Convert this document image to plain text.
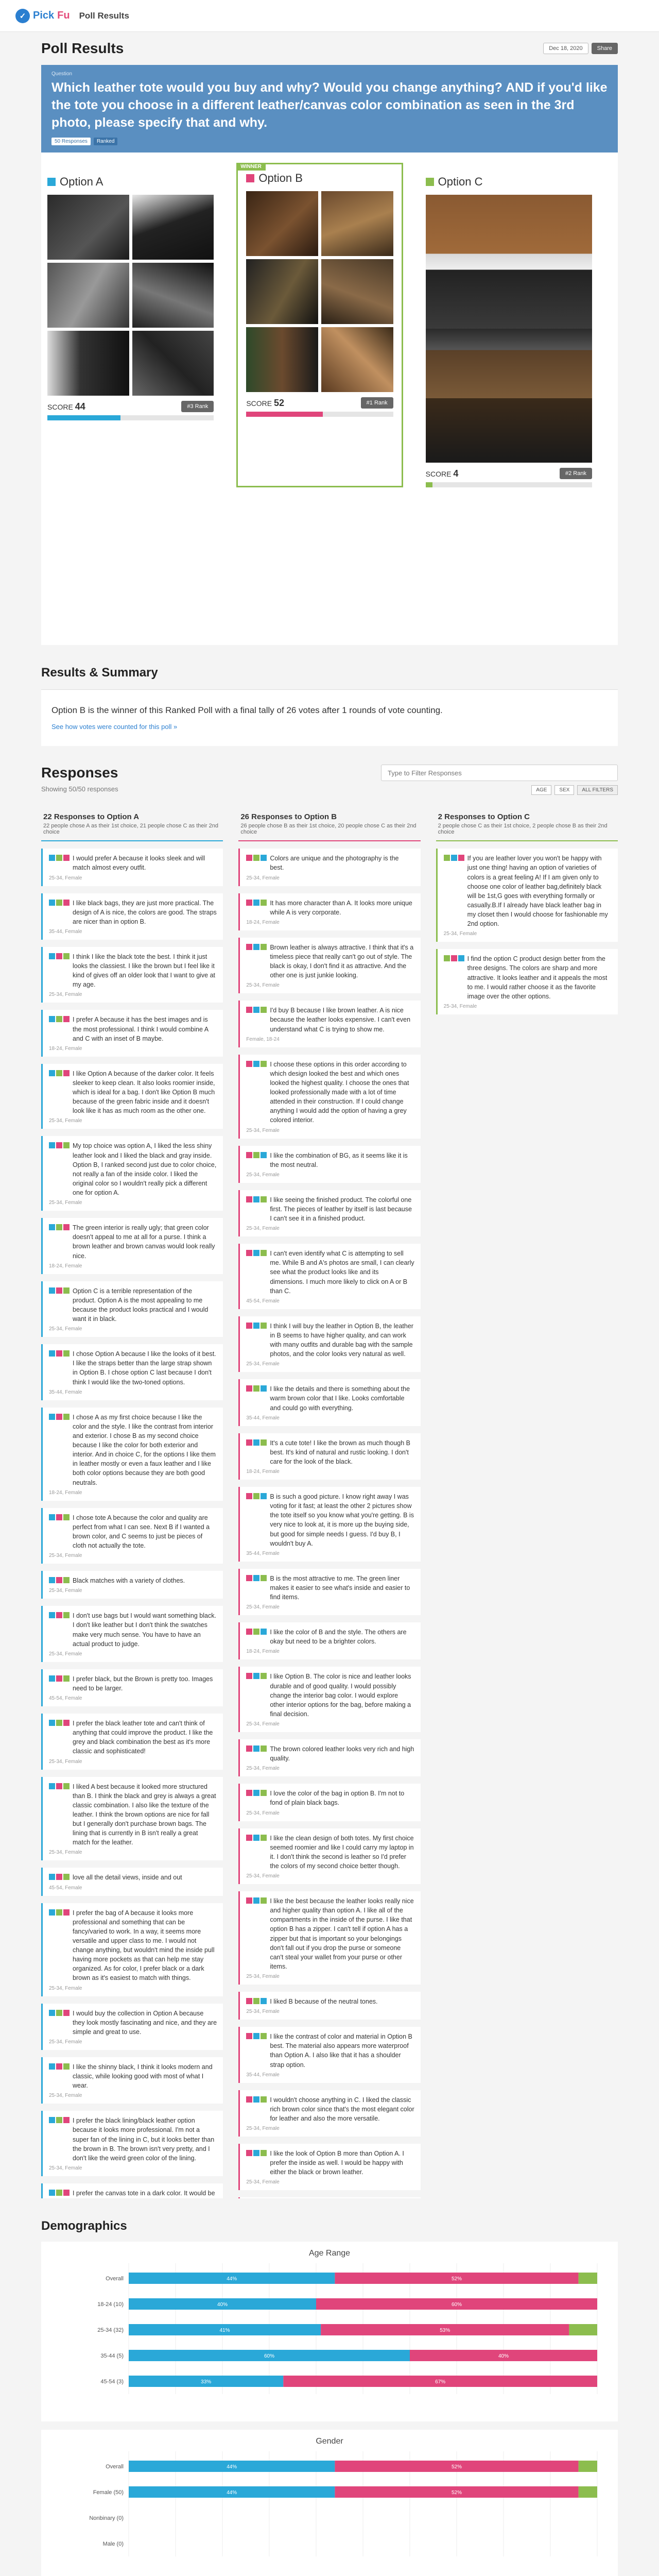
✓ Pick Fu Poll Results
Poll Results	Dec 18, 2020	Share
Question
Which leather tote would you buy and why? Would you change anything? AND if you'd like the tote you choose in a different leather/canvas color combination as seen in the 3rd photo, please specify that and why.
50 Responses	Ranked
Option A
SCORE 44	#3 Rank
WINNER
Option B
SCORE 52	#1 Rank
Option C
SCORE 4	#2 Rank
Results & Summary

Option B is the winner of this Ranked Poll with a final tally of 26 votes after 1 rounds of vote counting.

See how votes were counted for this poll »
Responses
Showing 50/50 responses
Type to Filter Responses	AGE	SEX	ALL FILTERS
22 Responses to Option A
22 people chose A as their 1st choice, 21 people chose C as their 2nd choice
I would prefer A because it looks sleek and will match almost every outfit.
25-34, Female
I like black bags, they are just more practical. The design of A is nice, the colors are good. The straps are nicer than in option B.
35-44, Female
I think I like the black tote the best. I think it just looks the classiest. I like the brown but I feel like it kind of gives off an older look that I want to give at my age.
25-34, Female
I prefer A because it has the best images and is the most professional. I think I would combine A and C with an inset of B maybe.
18-24, Female
I like Option A because of the darker color. It feels sleeker to keep clean. It also looks roomier inside, which is ideal for a bag. I don't like Option B much because of the green fabric inside and it doesn't look like it has as much room as the other one.
25-34, Female
My top choice was option A, I liked the less shiny leather look and I liked the black and gray inside. Option B, I ranked second just due to color choice, not really a fan of the inside color. I liked the original color so I wouldn't really pick a different one for option A.
25-34, Female
The green interior is really ugly; that green color doesn't appeal to me at all for a purse. I think a brown leather and brown canvas would look really nice.
18-24, Female
Option C is a terrible representation of the product. Option A is the most appealing to me because the product looks practical and I would want it in black.
25-34, Female
I chose Option A because I like the looks of it best. I like the straps better than the large strap shown in Option B. I chose option C last because I don't think I would like the two-toned options.
35-44, Female
I chose A as my first choice because I like the color and the style. I like the contrast from interior and exterior. I chose B as my second choice because I like the color for both exterior and interior. And in choice C, for the options I like them in leather mostly or even a faux leather and I like both color options because they are both good neutrals.
18-24, Female
I chose tote A because the color and quality are perfect from what I can see. Next B if I wanted a brown color, and C seems to just be pieces of cloth not actually the tote.
25-34, Female
Black matches with a variety of clothes.
25-34, Female
I don't use bags but I would want something black. I don't like leather but I don't think the swatches make very much sense. You have to have an actual product to judge.
25-34, Female
I prefer black, but the Brown is pretty too. Images need to be larger.
45-54, Female
I prefer the black leather tote and can't think of anything that could improve the product. I like the grey and black combination the best as it's more classic and sophisticated!
25-34, Female
I liked A best because it looked more structured than B. I think the black and grey is always a great classic combination. I also like the texture of the leather. I think the brown options are nice for fall but I generally don't purchase brown bags. The lining that is currently in B isn't really a great match for the leather.
25-34, Female
love all the detail views, inside and out
45-54, Female
I prefer the bag of A because it looks more professional and something that can be fancy/varied to work. In a way, it seems more versatile and upper class to me. I would not change anything, but wouldn't mind the inside pull having more pockets as that can help me stay organized. As for color, I prefer black or a dark brown as it's easiest to match with things.
25-34, Female
I would buy the collection in Option A because they look mostly fascinating and nice, and they are simple and great to use.
25-34, Female
I like the shinny black, I think it looks modern and classic, while looking good with most of what I wear.
25-34, Female
I prefer the black lining/black leather option because it looks more professional. I'm not a super fan of the lining in C, but it looks better than the brown in B. The brown isn't very pretty, and I don't like the weird green color of the lining.
25-34, Female
I prefer the canvas tote in a dark color. It would be
26 Responses to Option B
26 people chose B as their 1st choice, 20 people chose C as their 2nd choice
Colors are unique and the photography is the best.
25-34, Female
It has more character than A. It looks more unique while A is very corporate.
18-24, Female
Brown leather is always attractive. I think that it's a timeless piece that really can't go out of style. The black is okay, I don't find it as attractive. And the other one is just junkie looking.
25-34, Female
I'd buy B because I like brown leather. A is nice because the leather looks expensive. I can't even understand what C is trying to show me.
Female, 18-24
I choose these options in this order according to which design looked the best and which ones looked the highest quality. I choose the ones that looked professionally made with a lot of time attended in their construction. If I could change anything I would add the option of having a grey colored interior.
25-34, Female
I like the combination of BG, as it seems like it is the most neutral.
25-34, Female
I like seeing the finished product. The colorful one first. The pieces of leather by itself is last because I can't see it in a finished product.
25-34, Female
I can't even identify what C is attempting to sell me. While B and A's photos are small, I can clearly see what the product looks like and its dimensions. I much more likely to click on A or B than C.
45-54, Female
I think I will buy the leather in Option B, the leather in B seems to have higher quality, and can work with many outfits and durable bag with the sample photos, and the color looks very natural as well.
25-34, Female
I like the details and there is something about the warm brown color that I like. Looks comfortable and could go with everything.
35-44, Female
It's a cute tote! I like the brown as much though B best. It's kind of natural and rustic looking. I don't care for the look of the black.
18-24, Female
B is such a good picture. I know right away I was voting for it fast; at least the other 2 pictures show the tote itself so you know what you're getting. B is very nice to look at, it is more up the buying side, but good for simple needs I guess. I'd buy B, I wouldn't buy A.
35-44, Female
B is the most attractive to me. The green liner makes it easier to see what's inside and easier to find items.
25-34, Female
I like the color of B and the style. The others are okay but need to be a brighter colors.
18-24, Female
I like Option B. The color is nice and leather looks durable and of good quality. I would possibly change the interior bag color. I would explore other interior options for the bag, before making a final decision.
25-34, Female
The brown colored leather looks very rich and high quality.
25-34, Female
I love the color of the bag in option B. I'm not to fond of plain black bags.
25-34, Female
I like the clean design of both totes. My first choice seemed roomier and like I could carry my laptop in it. I don't think the second is leather so I'd prefer the colors of my second choice better though.
25-34, Female
I like the best because the leather looks really nice and higher quality than option A. I like all of the compartments in the inside of the purse. I like that option B has a zipper. I can't tell if option A has a zipper but that is important so your belongings don't fall out if you drop the purse or someone can't steal your wallet from your purse or other items.
25-34, Female
I liked B because of the neutral tones.
25-34, Female
I like the contrast of color and material in Option B best. The material also appears more waterproof than Option A. I also like that it has a shoulder strap option.
35-44, Female
I wouldn't choose anything in C. I liked the classic rich brown color since that's the most elegant color for leather and also the more versatile.
25-34, Female
I like the look of Option B more than Option A. I prefer the inside as well. I would be happy with either the black or brown leather.
25-34, Female
2 Responses to Option C
2 people chose C as their 1st choice, 2 people chose B as their 2nd choice
If you are leather lover you won't be happy with just one thing! having an option of varieties of colors is a great feeling A! If I am given only to choose one color of leather bag,definitely black will be 1st,G goes with everything formally or casually.B.If I already have black leather bag in my closet then I would choose for fashionable my 2nd option.
25-34, Female
I find the option C product design better from the three designs. The colors are sharp and more attractive. It looks leather and it appeals the most to me. I would rather choose it as the favorite image over the other options.
25-34, Female
Demographics
Age Range
Overall	44%	52%
18-24 (10)	40%	60%
25-34 (32)	41%	53%
35-44 (5)	60%	40%
45-54 (3)	33%	67%
Gender
Overall	44%	52%
Female (50)	44%	52%
Nonbinary (0)
Male (0)
